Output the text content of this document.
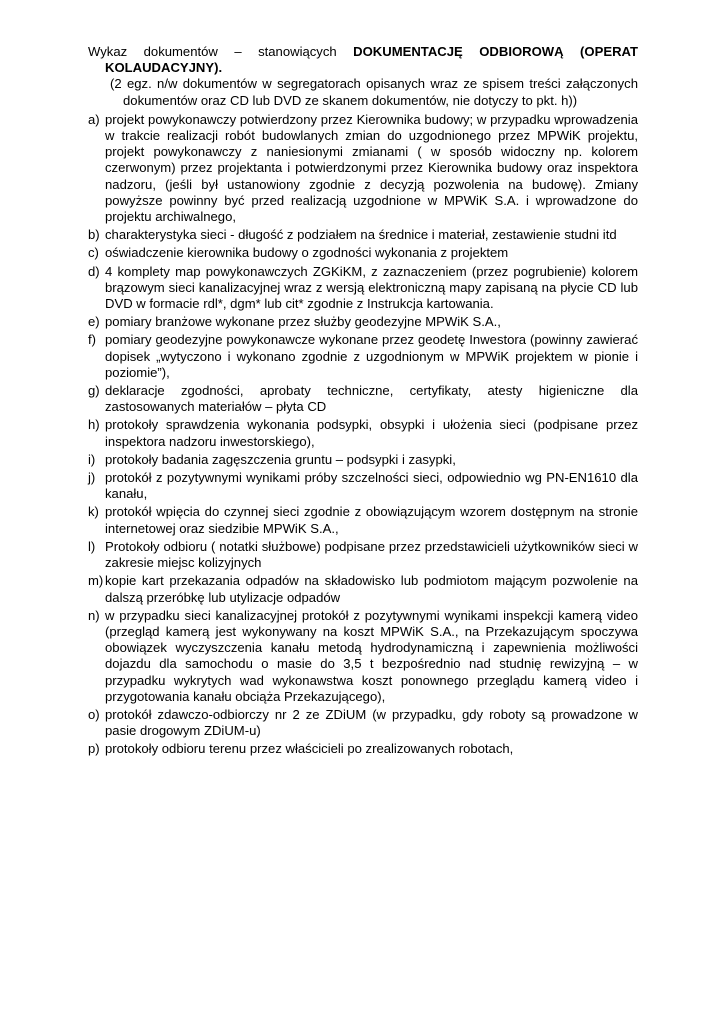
Wykaz dokumentów – stanowiących DOKUMENTACJĘ ODBIOROWĄ (OPERAT KOLAUDACYJNY).
(2 egz. n/w dokumentów w segregatorach opisanych wraz ze spisem treści załączonych dokumentów oraz CD lub DVD ze skanem dokumentów, nie dotyczy to pkt. h))
a) projekt powykonawczy potwierdzony przez Kierownika budowy; w przypadku wprowadzenia w trakcie realizacji robót budowlanych zmian do uzgodnionego przez MPWiK projektu, projekt powykonawczy z naniesionymi zmianami ( w sposób widoczny np. kolorem czerwonym) przez projektanta i potwierdzonymi przez Kierownika budowy oraz inspektora nadzoru, (jeśli był ustanowiony zgodnie z decyzją pozwolenia na budowę). Zmiany powyższe powinny być przed realizacją uzgodnione w MPWiK S.A. i wprowadzone do projektu archiwalnego,
b) charakterystyka sieci - długość z podziałem na średnice i materiał, zestawienie studni itd
c) oświadczenie kierownika budowy o zgodności wykonania z projektem
d) 4 komplety map powykonawczych ZGKiKM, z zaznaczeniem (przez pogrubienie) kolorem brązowym sieci kanalizacyjnej wraz z wersją elektroniczną mapy zapisaną na płycie CD lub DVD w formacie rdl*, dgm* lub cit* zgodnie z Instrukcja kartowania.
e) pomiary branżowe wykonane przez służby geodezyjne MPWiK S.A.,
f) pomiary geodezyjne powykonawcze wykonane przez geodetę Inwestora (powinny zawierać dopisek „wytyczono i wykonano zgodnie z uzgodnionym w MPWiK projektem w pionie i poziomie”),
g) deklaracje zgodności, aprobaty techniczne, certyfikaty, atesty higieniczne dla zastosowanych materiałów – płyta CD
h) protokoły sprawdzenia wykonania podsypki, obsypki i ułożenia sieci (podpisane przez inspektora nadzoru inwestorskiego),
i) protokoły badania zagęszczenia gruntu – podsypki i zasypki,
j) protokół z pozytywnymi wynikami próby szczelności sieci, odpowiednio wg PN-EN1610 dla kanału,
k) protokół wpięcia do czynnej sieci zgodnie z obowiązującym wzorem dostępnym na stronie internetowej oraz siedzibie MPWiK S.A.,
l) Protokoły odbioru ( notatki służbowe) podpisane przez przedstawicieli użytkowników sieci w zakresie miejsc kolizyjnych
m) kopie kart przekazania odpadów na składowisko lub podmiotom mającym pozwolenie na dalszą przeróbkę lub utylizacje odpadów
n) w przypadku sieci kanalizacyjnej protokół z pozytywnymi wynikami inspekcji kamerą video (przegląd kamerą jest wykonywany na koszt MPWiK S.A., na Przekazującym spoczywa obowiązek wyczyszczenia kanału metodą hydrodynamiczną i zapewnienia możliwości dojazdu dla samochodu o masie do 3,5 t bezpośrednio nad studnię rewizyjną – w przypadku wykrytych wad wykonawstwa koszt ponownego przeglądu kamerą video i przygotowania kanału obciąża Przekazującego),
o) protokół zdawczo-odbiorczy nr 2 ze ZDiUM (w przypadku, gdy roboty są prowadzone w pasie drogowym ZDiUM-u)
p) protokoły odbioru terenu przez właścicieli po zrealizowanych robotach,
